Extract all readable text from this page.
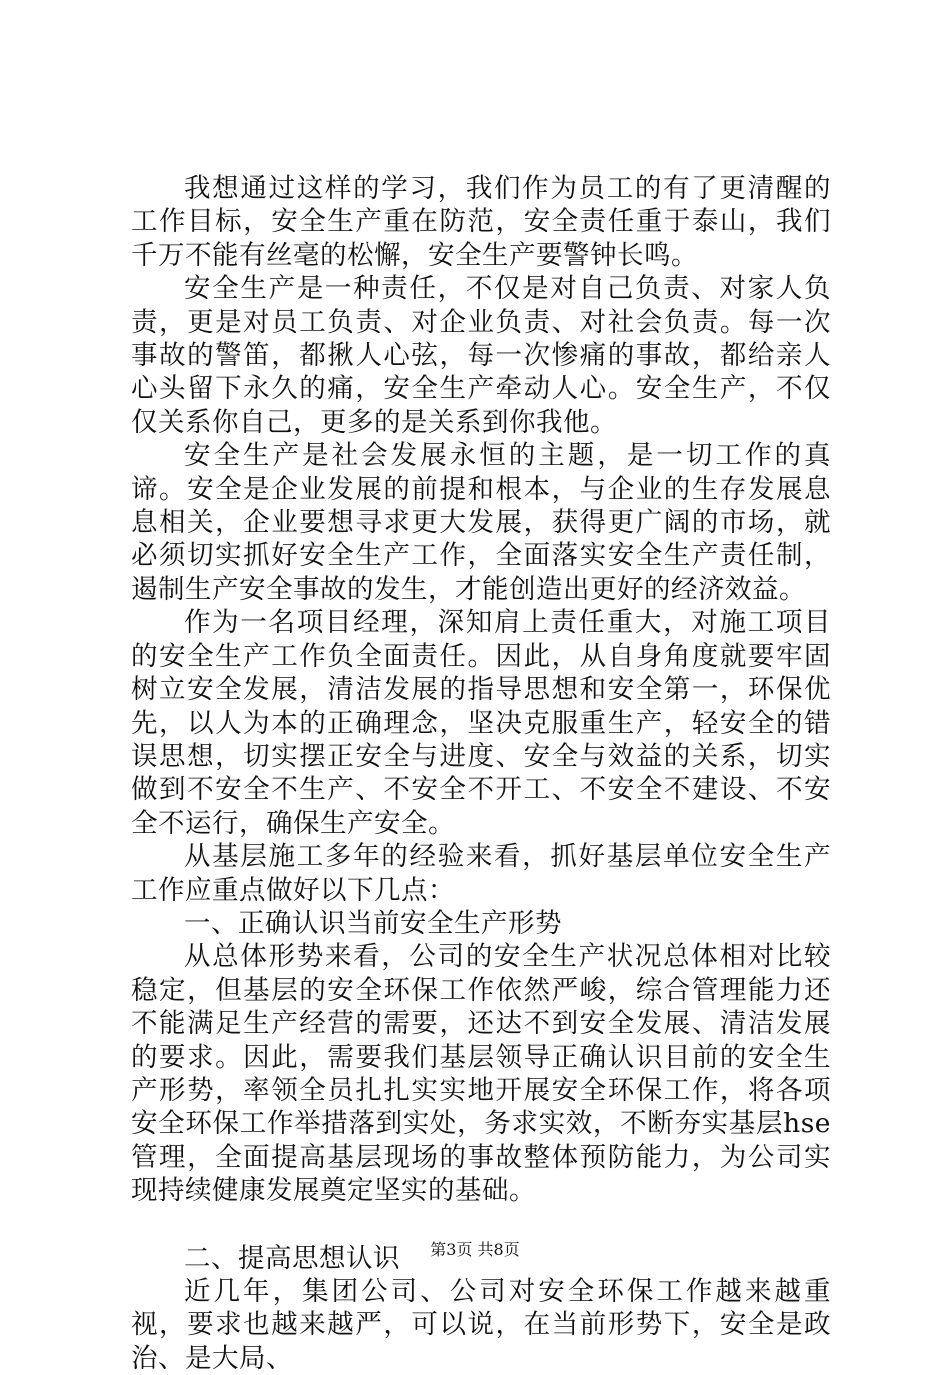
我想通过这样的学习，我们作为员工的有了更清醒的工作目标，安全生产重在防范，安全责任重于泰山，我们千万不能有丝毫的松懈，安全生产要警钟长鸣。

安全生产是一种责任，不仅是对自己负责、对家人负责，更是对员工负责、对企业负责、对社会负责。每一次事故的警笛，都揪人心弦，每一次惨痛的事故，都给亲人心头留下永久的痛，安全生产牵动人心。安全生产，不仅仅关系你自己，更多的是关系到你我他。

安全生产是社会发展永恒的主题，是一切工作的真谛。安全是企业发展的前提和根本，与企业的生存发展息息相关，企业要想寻求更大发展，获得更广阔的市场，就必须切实抓好安全生产工作，全面落实安全生产责任制，遏制生产安全事故的发生，才能创造出更好的经济效益。

作为一名项目经理，深知肩上责任重大，对施工项目的安全生产工作负全面责任。因此，从自身角度就要牢固树立安全发展，清洁发展的指导思想和安全第一，环保优先，以人为本的正确理念，坚决克服重生产，轻安全的错误思想，切实摆正安全与进度、安全与效益的关系，切实做到不安全不生产、不安全不开工、不安全不建设、不安全不运行，确保生产安全。

从基层施工多年的经验来看，抓好基层单位安全生产工作应重点做好以下几点：

一、正确认识当前安全生产形势

从总体形势来看，公司的安全生产状况总体相对比较稳定，但基层的安全环保工作依然严峻，综合管理能力还不能满足生产经营的需要，还达不到安全发展、清洁发展的要求。因此，需要我们基层领导正确认识目前的安全生产形势，率领全员扎扎实实地开展安全环保工作，将各项安全环保工作举措落到实处，务求实效，不断夯实基层hse管理，全面提高基层现场的事故整体预防能力，为公司实现持续健康发展奠定坚实的基础。

二、提高思想认识

近几年，集团公司、公司对安全环保工作越来越重视，要求也越来越严，可以说，在当前形势下，安全是政治、是大局、

第3页 共8页
